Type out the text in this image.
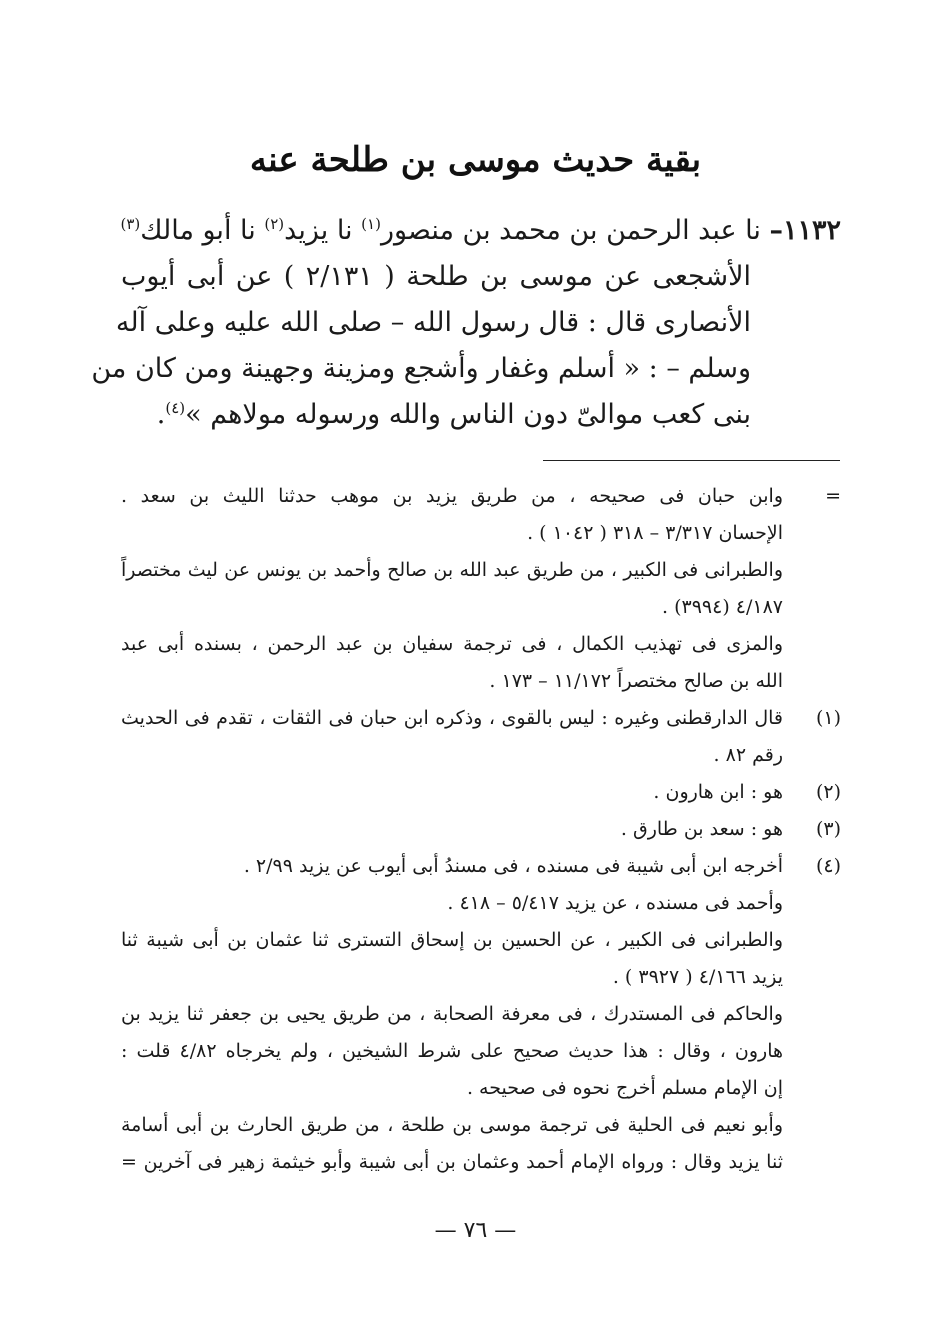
بقية حديث موسى بن طلحة عنه
١١٣٢– نا عبد الرحمن بن محمد بن منصور$^{(١)}$ نا يزيد$^{(٢)}$ نا أبو مالك$^{(٣)}$
الأشجعى عن موسى بن طلحة ( ٢/١٣١ ) عن أبى أيوب
الأنصارى قال : قال رسول الله – صلى الله عليه وعلى آله
وسلم – : « أسلم وغفار وأشجع ومزينة وجهينة ومن كان من
بنى كعب موالىّ دون الناس والله ورسوله مولاهم »$^{(٤)}$.
=
وابن حبان فى صحيحه ، من طريق يزيد بن موهب حدثنا الليث بن سعد .
الإحسان ٣/٣١٧ – ٣١٨ ( ١٠٤٢ ) .
والطبرانى فى الكبير ، من طريق عبد الله بن صالح وأحمد بن يونس عن ليث مختصراً
٤/١٨٧ (٣٩٩٤) .
والمزى فى تهذيب الكمال ، فى ترجمة سفيان بن عبد الرحمن ، بسنده أبى عبد
الله بن صالح مختصراً ١١/١٧٢ – ١٧٣ .
(١)
قال الدارقطنى وغيره : ليس بالقوى ، وذكره ابن حبان فى الثقات ، تقدم فى الحديث
رقم ٨٢ .
(٢)
هو : ابن هارون .
(٣)
هو : سعد بن طارق .
(٤)
أخرجه ابن أبى شيبة فى مسنده ، فى مسندُ أبى أيوب عن يزيد ٢/٩٩ .
وأحمد فى مسنده ، عن يزيد ٥/٤١٧ – ٤١٨ .
والطبرانى فى الكبير ، عن الحسين بن إسحاق التسترى ثنا عثمان بن أبى شيبة ثنا
يزيد ٤/١٦٦ ( ٣٩٢٧ ) .
والحاكم فى المستدرك ، فى معرفة الصحابة ، من طريق يحيى بن جعفر ثنا يزيد بن
هارون ، وقال : هذا حديث صحيح على شرط الشيخين ، ولم يخرجاه ٤/٨٢ قلت :
إن الإمام مسلم أخرج نحوه فى صحيحه .
وأبو نعيم فى الحلية فى ترجمة موسى بن طلحة ، من طريق الحارث بن أبى أسامة
ثنا يزيد وقال : ورواه الإمام أحمد وعثمان بن أبى شيبة وأبو خيثمة زهير فى آخرين =
— ٧٦ —
